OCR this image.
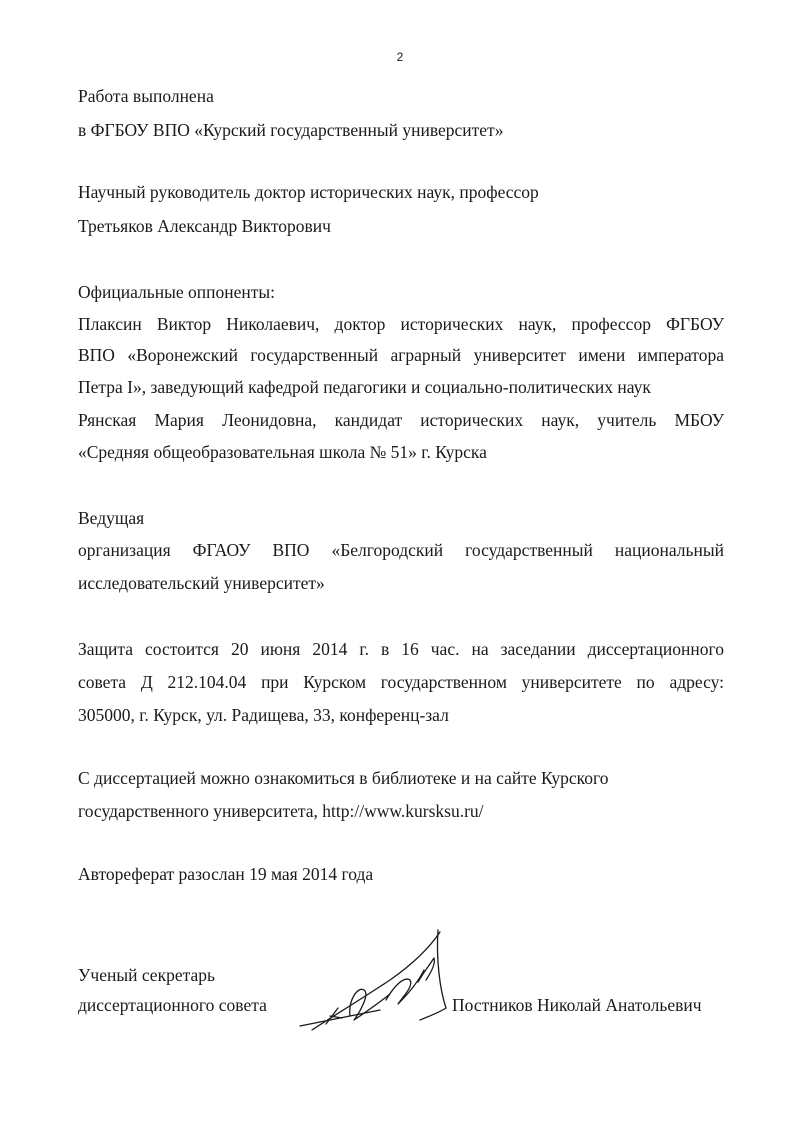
2
Работа выполнена
в ФГБОУ ВПО «Курский государственный университет»
Научный руководитель доктор исторических наук, профессор
Третьяков Александр Викторович
Официальные оппоненты:
Плаксин Виктор Николаевич, доктор исторических наук, профессор ФГБОУ
ВПО «Воронежский государственный аграрный университет имени императора
Петра I», заведующий кафедрой педагогики и социально-политических наук
Рянская Мария Леонидовна, кандидат исторических наук, учитель МБОУ
«Средняя общеобразовательная школа № 51» г. Курска
Ведущая
организация ФГАОУ ВПО «Белгородский государственный национальный
исследовательский университет»
Защита состоится 20 июня 2014 г. в 16 час. на заседании диссертационного
совета Д 212.104.04 при Курском государственном университете по адресу:
305000, г. Курск, ул. Радищева, 33, конференц-зал
С диссертацией можно ознакомиться в библиотеке и на сайте Курского
государственного университета, http://www.kursksu.ru/
Автореферат разослан 19 мая 2014 года
Ученый секретарь
диссертационного совета	Постников Николай Анатольевич
